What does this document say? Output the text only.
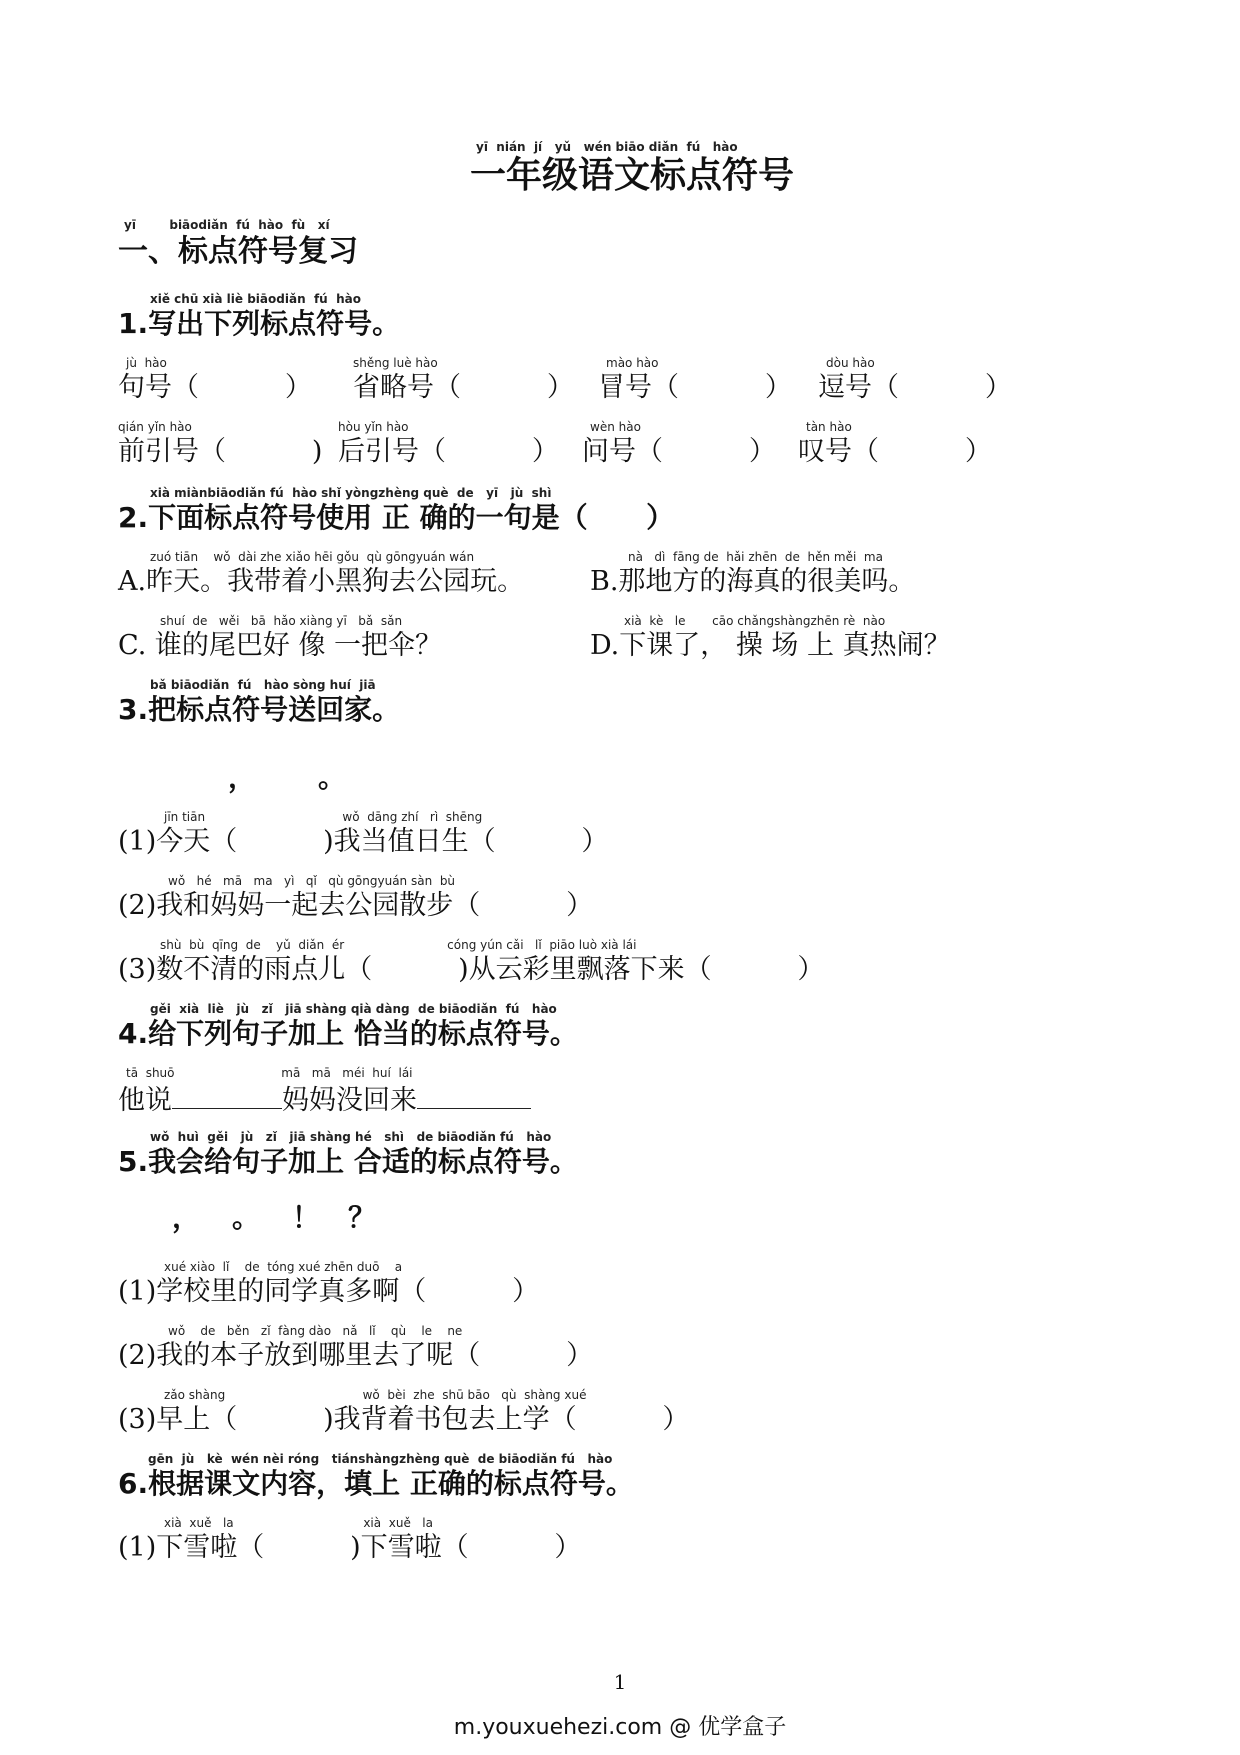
yī  nián  jí   yǔ   wén biāo diǎn  fú   hào
一年级语文标点符号
yī        biāodiǎn  fú  hào  fù   xí
一、标点符号复习
xiě chū xià liè biāodiǎn  fú  hào
1.写出下列标点符号。
jù  hào
句号（          ）
shěng luè hào
省略号（          ）
mào hào
冒号（          ）
dòu hào
逗号（          ）
qián yǐn hào
前引号（          )
hòu yǐn hào
后引号（          ）
wèn hào
问号（          ）
tàn hào
叹号（          ）
xià miànbiāodiǎn fú  hào shǐ yòngzhèng què  de   yī   jù  shì
2.下面标点符号使用 正 确的一句是（      ）
zuó tiān    wǒ  dài zhe xiǎo hēi gǒu  qù gōngyuán wán
A.昨天。我带着小黑狗去公园玩。
nà   dì  fāng de  hǎi zhēn  de  hěn měi  ma
B.那地方的海真的很美吗。
shuí  de   wěi   bā  hǎo xiàng yī   bǎ  sǎn
C. 谁的尾巴好 像 一把伞？
xià  kè   le       cāo chǎngshàngzhēn rè  nào
D.下课了， 操 场 上 真热闹？
bǎ biāodiǎn  fú   hào sòng huí  jiā
3.把标点符号送回家。
， 。
jīn tiān                                    wǒ  dāng zhí   rì  shēng
(1)今天（          )我当值日生（          ）
wǒ   hé   mā   ma   yì   qǐ   qù gōngyuán sàn  bù
(2)我和妈妈一起去公园散步（          ）
shù  bù  qīng  de    yǔ  diǎn  ér                           cóng yún cǎi   lǐ  piāo luò xià lái
(3)数不清的雨点儿（          )从云彩里飘落下来（          ）
gěi  xià  liè   jù   zǐ   jiā shàng qià dàng  de biāodiǎn  fú   hào
4.给下列句子加上 恰当的标点符号。
tā  shuō                            mā   mā   méi  huí  lái
他说	妈妈没回来
wǒ  huì  gěi   jù   zǐ   jiā shàng hé   shì   de biāodiǎn fú   hào
5.我会给句子加上 合适的标点符号。
， 。 ！ ？
xué xiào  lǐ    de  tóng xué zhēn duō    a
(1)学校里的同学真多啊（          ）
wǒ    de   běn   zǐ  fàng dào   nǎ   lǐ    qù    le    ne
(2)我的本子放到哪里去了呢（          ）
zǎo shàng                                    wǒ  bèi  zhe  shū bāo   qù  shàng xué
(3)早上（          )我背着书包去上学（          ）
gēn  jù   kè  wén nèi róng   tiánshàngzhèng què  de biāodiǎn fú   hào
6.根据课文内容，填上 正确的标点符号。
xià  xuě   la                                  xià  xuě   la
(1)下雪啦（          )下雪啦（          ）
1
m.youxuehezi.com @ 优学盒子
